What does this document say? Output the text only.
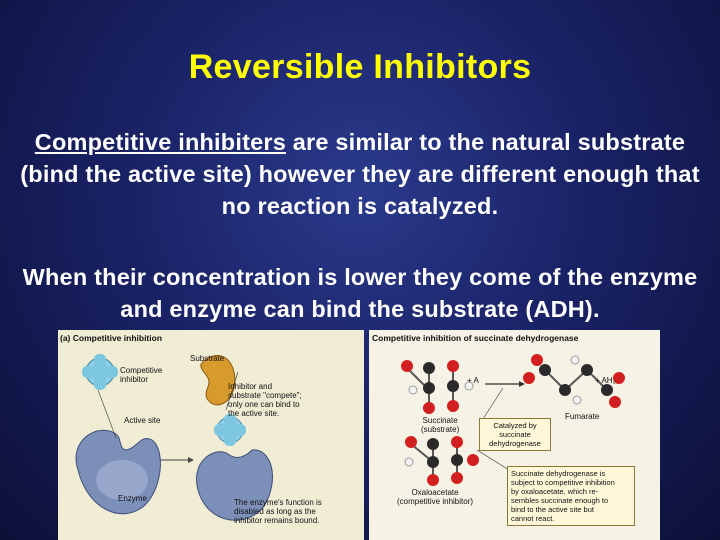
Reversible Inhibitors
Competitive inhibiters are similar to the natural substrate (bind the active site) however they are different enough that no reaction is catalyzed.
When their concentration is lower they come of the enzyme and enzyme can bind the substrate (ADH).
(a) Competitive inhibition
Substrate
Competitive
inhibitor
Active site
Enzyme
Inhibitor and
substrate "compete";
only one can bind to
the active site.
The enzyme's function is
disabled as long as the
inhibitor remains bound.
Competitive inhibition of succinate dehydrogenase
Succinate
(substrate)
Fumarate
+ A	+ AH₂
Catalyzed by
succinate
dehydrogenase
Oxaloacetate
(competitive inhibitor)
Succinate dehydrogenase is
subject to competitive inhibition
by oxaloacetate, which re-
sembles succinate enough to
bind to the active site but
cannot react.
